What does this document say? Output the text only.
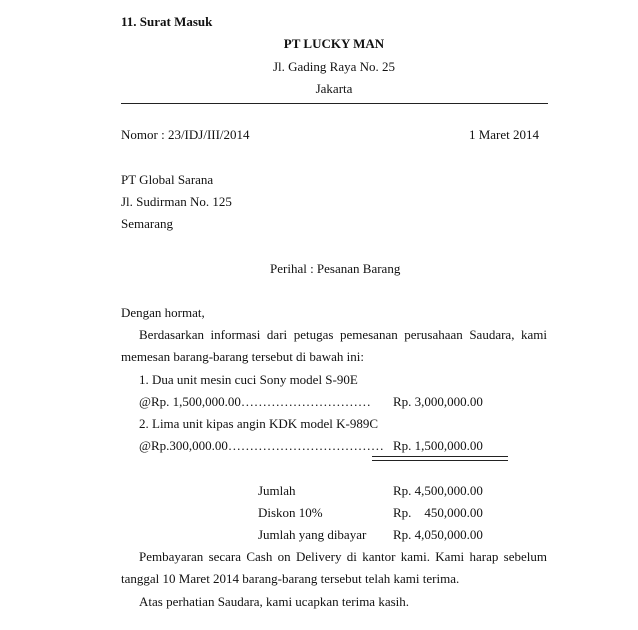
11. Surat Masuk
PT LUCKY MAN
Jl. Gading Raya No. 25
Jakarta
Nomor : 23/IDJ/III/2014	1 Maret 2014
PT Global Sarana
Jl. Sudirman No. 125
Semarang
Perihal : Pesanan Barang
Dengan hormat,
Berdasarkan informasi dari petugas pemesanan perusahaan Saudara, kami
memesan barang-barang tersebut di bawah ini:
1. Dua unit mesin cuci Sony model S-90E
@Rp. 1,500,000.00………………………… Rp. 3,000,000.00
2. Lima unit kipas angin KDK model K-989C
@Rp.300,000.00……………………………… Rp. 1,500,000.00
Jumlah	Rp. 4,500,000.00
Diskon 10%	Rp.    450,000.00
Jumlah yang dibayar Rp. 4,050,000.00
Pembayaran secara Cash on Delivery di kantor kami. Kami harap sebelum
tanggal 10 Maret 2014 barang-barang tersebut telah kami terima.
Atas perhatian Saudara, kami ucapkan terima kasih.
